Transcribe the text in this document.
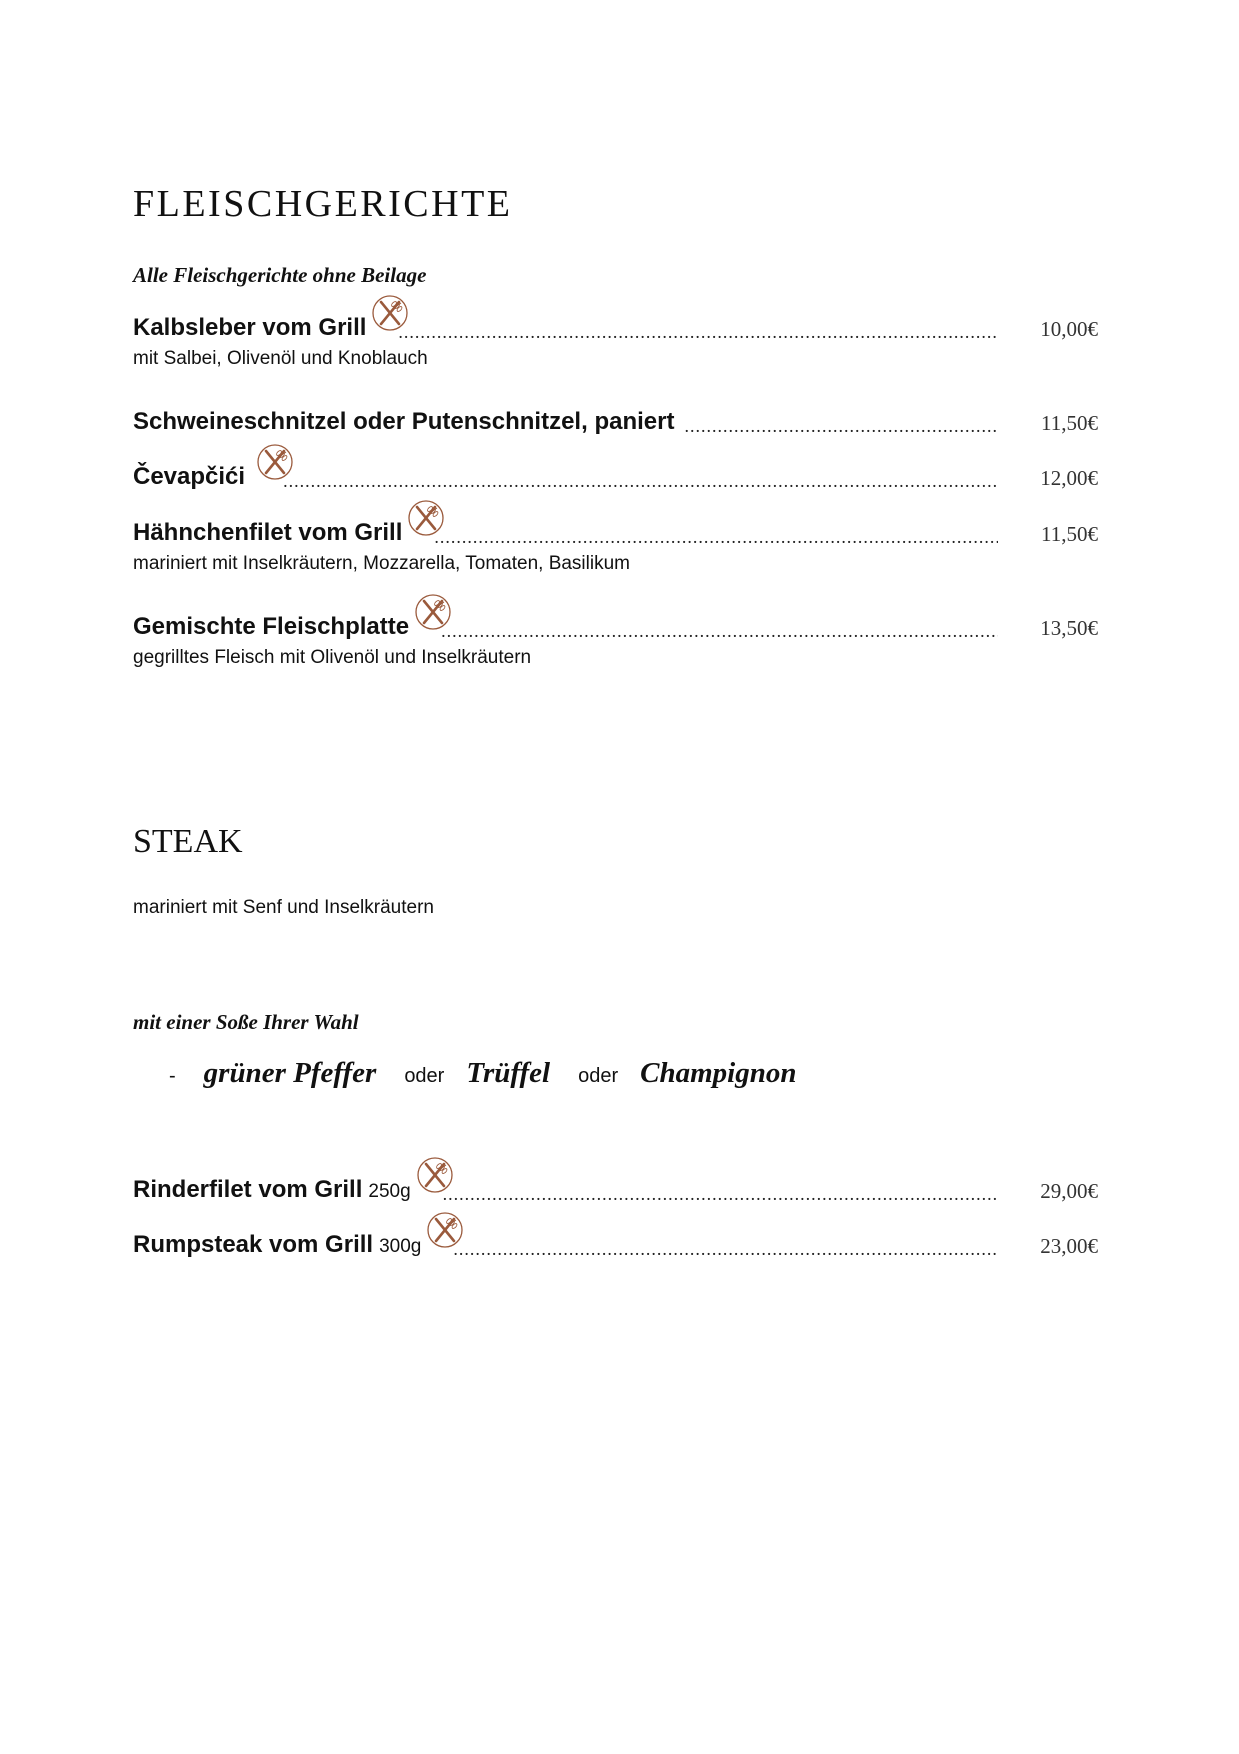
FLEISCHGERICHTE
Alle Fleischgerichte ohne Beilage
Kalbsleber vom Grill .....	10,00€
mit Salbei, Olivenöl und Knoblauch
Schweineschnitzel oder Putenschnitzel, paniert .....	11,50€
Čevapčići .....	12,00€
Hähnchenfilet vom Grill .....	11,50€
mariniert mit Inselkräutern, Mozzarella, Tomaten, Basilikum
Gemischte Fleischplatte .....	13,50€
gegrilltes Fleisch mit Olivenöl und Inselkräutern
STEAK
mariniert mit Senf und Inselkräutern
mit einer Soße Ihrer Wahl
- grüner Pfeffer oder Trüffel oder Champignon
Rinderfilet vom Grill 250g .....	29,00€
Rumpsteak vom Grill 300g .....	23,00€
